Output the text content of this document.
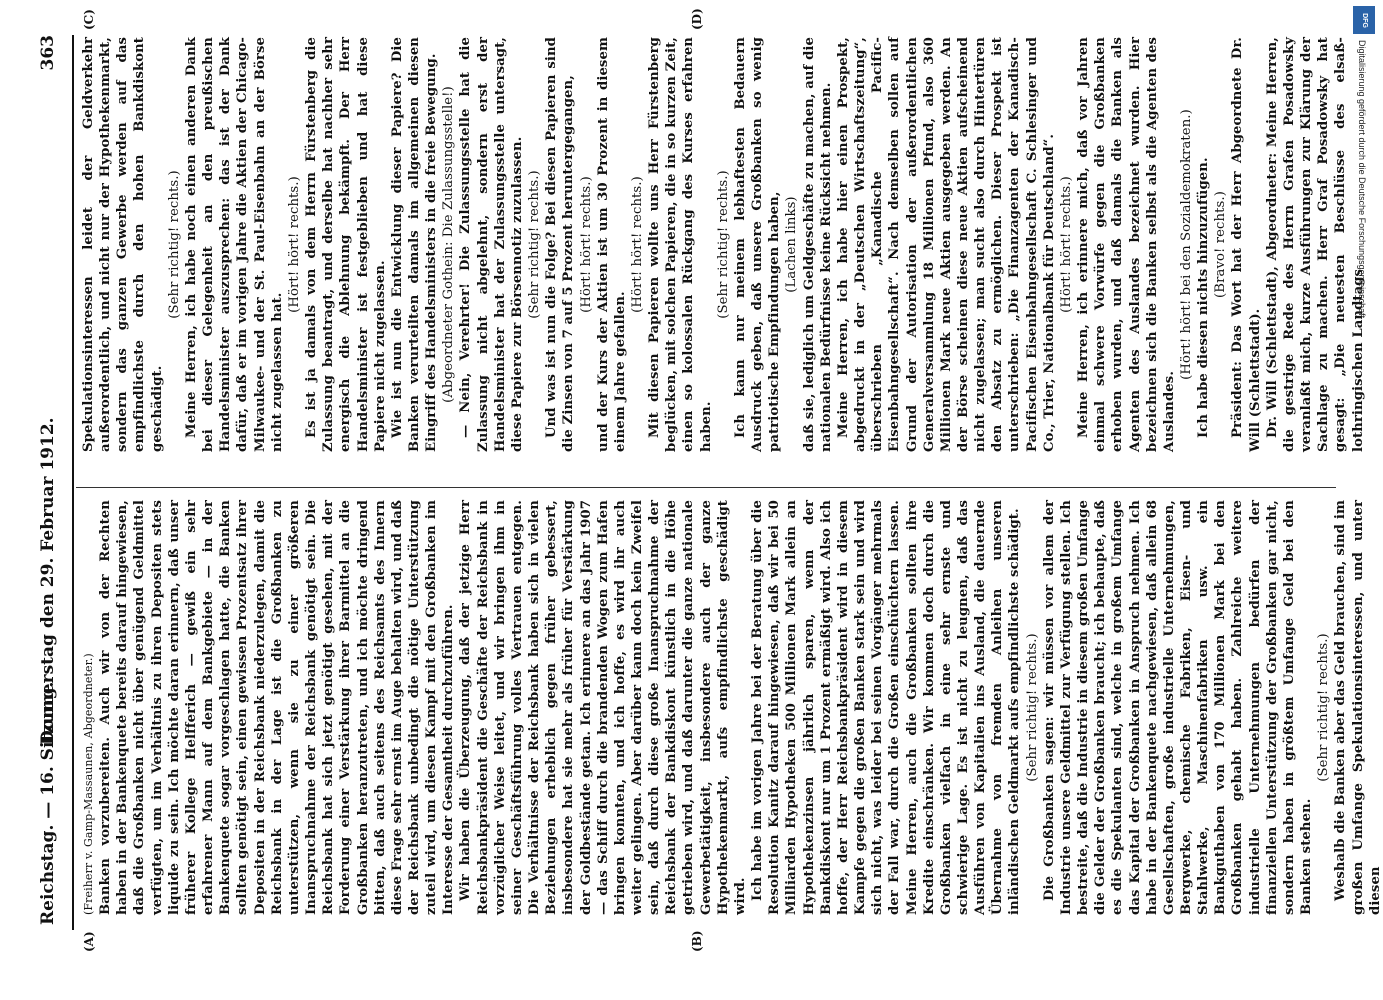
Reichstag. — 16. Sitzung.
Donnerstag den 29. Februar 1912.
363
(A)	(B)
(C)	(D)

(Freiherr v. Gamp-Massaunen, Abgeordneter.) Banken vorzubereiten. Auch wir von der Rechten haben in der Bankenquete bereits darauf hingewiesen, daß die Großbanken nicht über genügend Geldmittel verfügten, um im Verhältnis zu ihren Depositen stets liquide zu sein. Ich möchte daran erinnern, daß unser früherer Kollege Helfferich — gewiß ein sehr erfahrener Mann auf dem Bankgebiete — in der Bankenquete sogar vorgeschlagen hatte, die Banken sollten genötigt sein, einen gewissen Prozentsatz ihrer Depositen in der Reichsbank niederzulegen, damit die Reichsbank in der Lage ist die Großbanken zu unterstützen, wenn sie zu einer größeren Inanspruchnahme der Reichsbank genötigt sein. Die Reichsbank hat sich jetzt genötigt gesehen, mit der Forderung einer Verstärkung ihrer Barmittel an die Großbanken heranzutreten, und ich möchte dringend bitten, daß auch seitens des Reichsamts des Innern diese Frage sehr ernst im Auge behalten wird, und daß der Reichsbank unbedingt die nötige Unterstützung zuteil wird, um diesen Kampf mit den Großbanken im Interesse der Gesamtheit durchzuführen. Wir haben die Überzeugung, daß der jetzige Herr Reichsbankpräsident die Geschäfte der Reichsbank in vorzüglicher Weise leitet, und wir bringen ihm in seiner Geschäftsführung volles Vertrauen entgegen. Die Verhältnisse der Reichsbank haben sich in vielen Beziehungen erheblich gegen früher gebessert, insbesondere hat sie mehr als früher für Verstärkung der Goldbestände getan. Ich erinnere an das Jahr 1907 — das Schiff durch die brandenden Wogen zum Hafen bringen konnten, und ich hoffe, es wird ihr auch weiter gelingen. Aber darüber kann doch kein Zweifel sein, daß durch diese große Inanspruchnahme der Reichsbank der Bankdiskont künstlich in die Höhe getrieben wird, und daß darunter die ganze nationale Gewerbetätigkeit, insbesondere auch der ganze Hypothekenmarkt, aufs empfindlichste geschädigt wird. Ich habe im vorigen Jahre bei der Beratung über die Resolution Kanitz darauf hingewiesen, daß wir bei 50 Milliarden Hypotheken 500 Millionen Mark allein an Hypothekenzinsen jährlich sparen, wenn der Bankdiskont nur um 1 Prozent ermäßigt wird. Also ich hoffe, der Herr Reichsbankpräsident wird in diesem Kampfe gegen die großen Banken stark sein und wird sich nicht, was leider bei seinen Vorgänger mehrmals der Fall war, durch die Großen einschüchtern lassen. Meine Herren, auch die Großbanken sollten ihre Kredite einschränken. Wir kommen doch durch die Großbanken vielfach in eine sehr ernste und schwierige Lage. Es ist nicht zu leugnen, daß das Ausführen von Kapitalien ins Ausland, die dauernde Übernahme von fremden Anleihen unseren inländischen Geldmarkt aufs empfindlichste schädigt. (Sehr richtig! rechts.) Die Großbanken sagen: wir müssen vor allem der Industrie unsere Geldmittel zur Verfügung stellen. Ich bestreite, daß die Industrie in diesem großen Umfange die Gelder der Großbanken braucht; ich behaupte, daß es die Spekulanten sind, welche in großem Umfange das Kapital der Großbanken in Anspruch nehmen. Ich habe in der Bankenquete nachgewiesen, daß allein 68 Gesellschaften, große industrielle Unternehmungen, Bergwerke, chemische Fabriken, Eisen- und Stahlwerke, Maschinenfabriken usw. ein Bankguthaben von 170 Millionen Mark bei den Großbanken gehabt haben. Zahlreiche weitere industrielle Unternehmungen bedürfen der finanziellen Unterstützung der Großbanken gar nicht, sondern haben in größtem Umfange Geld bei den Banken stehen.

(Sehr richtig! rechts.) Weshalb die Banken aber das Geld brauchen, sind im großen Umfange Spekulationsinteressen, und unter diesen

Spekulationsinteressen leidet der Geldverkehr außerordentlich, und nicht nur der Hypothekenmarkt, sondern das ganzen Gewerbe werden auf das empfindlichste durch den hohen Bankdiskont geschädigt.

(Sehr richtig! rechts.) Meine Herren, ich habe noch einen anderen Dank bei dieser Gelegenheit an den preußischen Handelsminister auszusprechen: das ist der Dank dafür, daß er im vorigen Jahre die Aktien der Chicago-Milwaukee- und der St. Paul-Eisenbahn an der Börse nicht zugelassen hat.

(Hört! hört! rechts.) Es ist ja damals von dem Herrn Fürstenberg die Zulassung beantragt, und derselbe hat nachher sehr energisch die Ablehnung bekämpft. Der Herr Handelsminister ist festgeblieben und hat diese Papiere nicht zugelassen. Wie ist nun die Entwicklung dieser Papiere? Die Banken verurteilten damals im allgemeinen diesen Eingriff des Handelsministers in die freie Bewegung. (Abgeordneter Gothein: Die Zulassungsstelle!) — Nein, Verehrter! Die Zulassungsstelle hat die Zulassung nicht abgelehnt, sondern erst der Handelsminister hat der Zulassungsstelle untersagt, diese Papiere zur Börsennotiz zuzulassen. (Sehr richtig! rechts.) Und was ist nun die Folge? Bei diesen Papieren sind die Zinsen von 7 auf 5 Prozent heruntergegangen, (Hört! hört! rechts.) und der Kurs der Aktien ist um 30 Prozent in diesem einem Jahre gefallen.

(Hört! hört! rechts.) Mit diesen Papieren wollte uns Herr Fürstenberg beglücken, mit solchen Papieren, die in so kurzen Zeit, einen so kolossalen Rückgang des Kurses erfahren haben.

(Sehr richtig! rechts.) Ich kann nur meinem lebhaftesten Bedauern Ausdruck geben, daß unsere Großbanken so wenig patriotische Empfindungen haben, (Lachen links) daß sie, lediglich um Geldgeschäfte zu machen, auf die nationalen Bedürfnisse keine Rücksicht nehmen. Meine Herren, ich habe hier einen Prospekt, abgedruckt in der „Deutschen Wirtschaftszeitung“, überschrieben „Kanadische Pacific-Eisenbahngesellschaft“. Nach demselben sollen auf Grund der Autorisation der außerordentlichen Generalversammlung 18 Millionen Pfund, also 360 Millionen Mark neue Aktien ausgegeben werden. An der Börse scheinen diese neue Aktien aufscheinend nicht zugelassen; man sucht also durch Hintertüren den Absatz zu ermöglichen. Dieser Prospekt ist unterschrieben: „Die Finanzagenten der Kanadisch-Pacifischen Eisenbahngesellschaft C. Schlesinger und Co., Trier, Nationalbank für Deutschland“. (Hört! hört! rechts.) Meine Herren, ich erinnere mich, daß vor Jahren einmal schwere Vorwürfe gegen die Großbanken erhoben wurden, und daß damals die Banken als Agenten des Auslandes bezeichnet wurden. Hier bezeichnen sich die Banken selbst als die Agenten des Auslandes.

(Hört! hört! bei den Sozialdemokraten.) Ich habe diesen nichts hinzuzufügen. (Bravo! rechts.) Präsident: Das Wort hat der Herr Abgeordnete Dr. Will (Schlettstadt). Dr. Will (Schlettstadt), Abgeordneter: Meine Herren, die gestrige Rede des Herrn Grafen Posadowsky veranlaßt mich, kurze Ausführungen zur Klärung der Sachlage zu machen. Herr Graf Posadowsky hat gesagt: „Die neuesten Beschlüsse des elsaß-lothringischen Landtags

DFG
Digitalisierung gefördert durch die Deutsche Forschungsgemeinschaft
